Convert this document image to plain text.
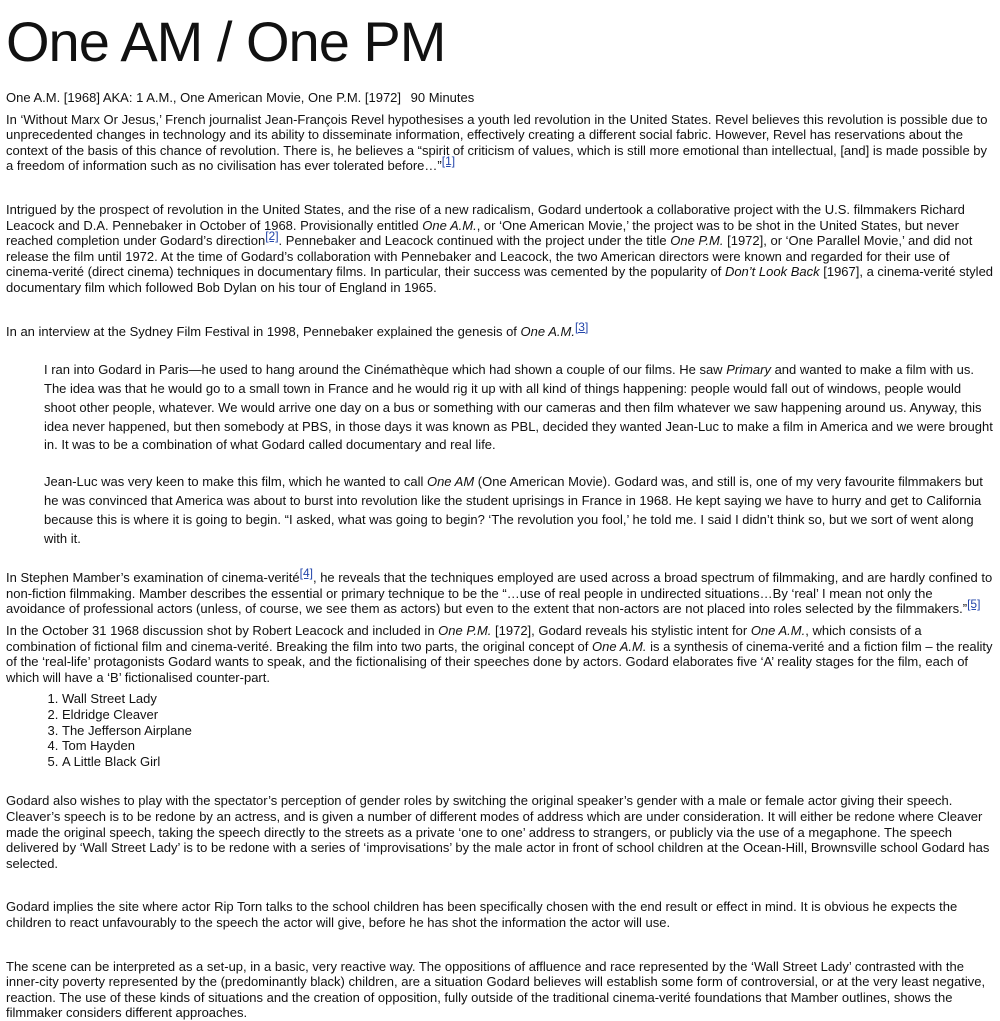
One AM / One PM

One A.M. [1968] AKA: 1 A.M., One American Movie, One P.M. [1972] 90 Minutes

In ‘Without Marx Or Jesus,’ French journalist Jean-François Revel hypothesises a youth led revolution in the United States. Revel believes this revolution is possible due to unprecedented changes in technology and its ability to disseminate information, effectively creating a different social fabric. However, Revel has reservations about the context of the basis of this chance of revolution. There is, he believes a “spirit of criticism of values, which is still more emotional than intellectual, [and] is made possible by a freedom of information such as no civilisation has ever tolerated before…”[1]

Intrigued by the prospect of revolution in the United States, and the rise of a new radicalism, Godard undertook a collaborative project with the U.S. filmmakers Richard Leacock and D.A. Pennebaker in October of 1968. Provisionally entitled One A.M., or ‘One American Movie,’ the project was to be shot in the United States, but never reached completion under Godard’s direction[2]. Pennebaker and Leacock continued with the project under the title One P.M. [1972], or ‘One Parallel Movie,’ and did not release the film until 1972. At the time of Godard’s collaboration with Pennebaker and Leacock, the two American directors were known and regarded for their use of cinema-verité (direct cinema) techniques in documentary films. In particular, their success was cemented by the popularity of Don’t Look Back [1967], a cinema-verité styled documentary film which followed Bob Dylan on his tour of England in 1965.

In an interview at the Sydney Film Festival in 1998, Pennebaker explained the genesis of One A.M.[3]

I ran into Godard in Paris—he used to hang around the Cinémathèque which had shown a couple of our films. He saw Primary and wanted to make a film with us. The idea was that he would go to a small town in France and he would rig it up with all kind of things happening: people would fall out of windows, people would shoot other people, whatever. We would arrive one day on a bus or something with our cameras and then film whatever we saw happening around us. Anyway, this idea never happened, but then somebody at PBS, in those days it was known as PBL, decided they wanted Jean-Luc to make a film in America and we were brought in. It was to be a combination of what Godard called documentary and real life.

Jean-Luc was very keen to make this film, which he wanted to call One AM (One American Movie). Godard was, and still is, one of my very favourite filmmakers but he was convinced that America was about to burst into revolution like the student uprisings in France in 1968. He kept saying we have to hurry and get to California because this is where it is going to begin. “I asked, what was going to begin? ‘The revolution you fool,’ he told me. I said I didn’t think so, but we sort of went along with it.

In Stephen Mamber’s examination of cinema-verité[4], he reveals that the techniques employed are used across a broad spectrum of filmmaking, and are hardly confined to non-fiction filmmaking. Mamber describes the essential or primary technique to be the “…use of real people in undirected situations…By ‘real’ I mean not only the avoidance of professional actors (unless, of course, we see them as actors) but even to the extent that non-actors are not placed into roles selected by the filmmakers.”[5]

In the October 31 1968 discussion shot by Robert Leacock and included in One P.M. [1972], Godard reveals his stylistic intent for One A.M., which consists of a combination of fictional film and cinema-verité. Breaking the film into two parts, the original concept of One A.M. is a synthesis of cinema-verité and a fiction film – the reality of the ‘real-life’ protagonists Godard wants to speak, and the fictionalising of their speeches done by actors. Godard elaborates five ‘A’ reality stages for the film, each of which will have a ‘B’ fictionalised counter-part.

1. Wall Street Lady
2. Eldridge Cleaver
3. The Jefferson Airplane
4. Tom Hayden
5. A Little Black Girl

Godard also wishes to play with the spectator’s perception of gender roles by switching the original speaker’s gender with a male or female actor giving their speech. Cleaver’s speech is to be redone by an actress, and is given a number of different modes of address which are under consideration. It will either be redone where Cleaver made the original speech, taking the speech directly to the streets as a private ‘one to one’ address to strangers, or publicly via the use of a megaphone. The speech delivered by ‘Wall Street Lady’ is to be redone with a series of ‘improvisations’ by the male actor in front of school children at the Ocean-Hill, Brownsville school Godard has selected.

Godard implies the site where actor Rip Torn talks to the school children has been specifically chosen with the end result or effect in mind. It is obvious he expects the children to react unfavourably to the speech the actor will give, before he has shot the information the actor will use.

The scene can be interpreted as a set-up, in a basic, very reactive way. The oppositions of affluence and race represented by the ‘Wall Street Lady’ contrasted with the inner-city poverty represented by the (predominantly black) children, are a situation Godard believes will establish some form of controversial, or at the very least negative, reaction. The use of these kinds of situations and the creation of opposition, fully outside of the traditional cinema-verité foundations that Mamber outlines, shows the filmmaker considers different approaches.
